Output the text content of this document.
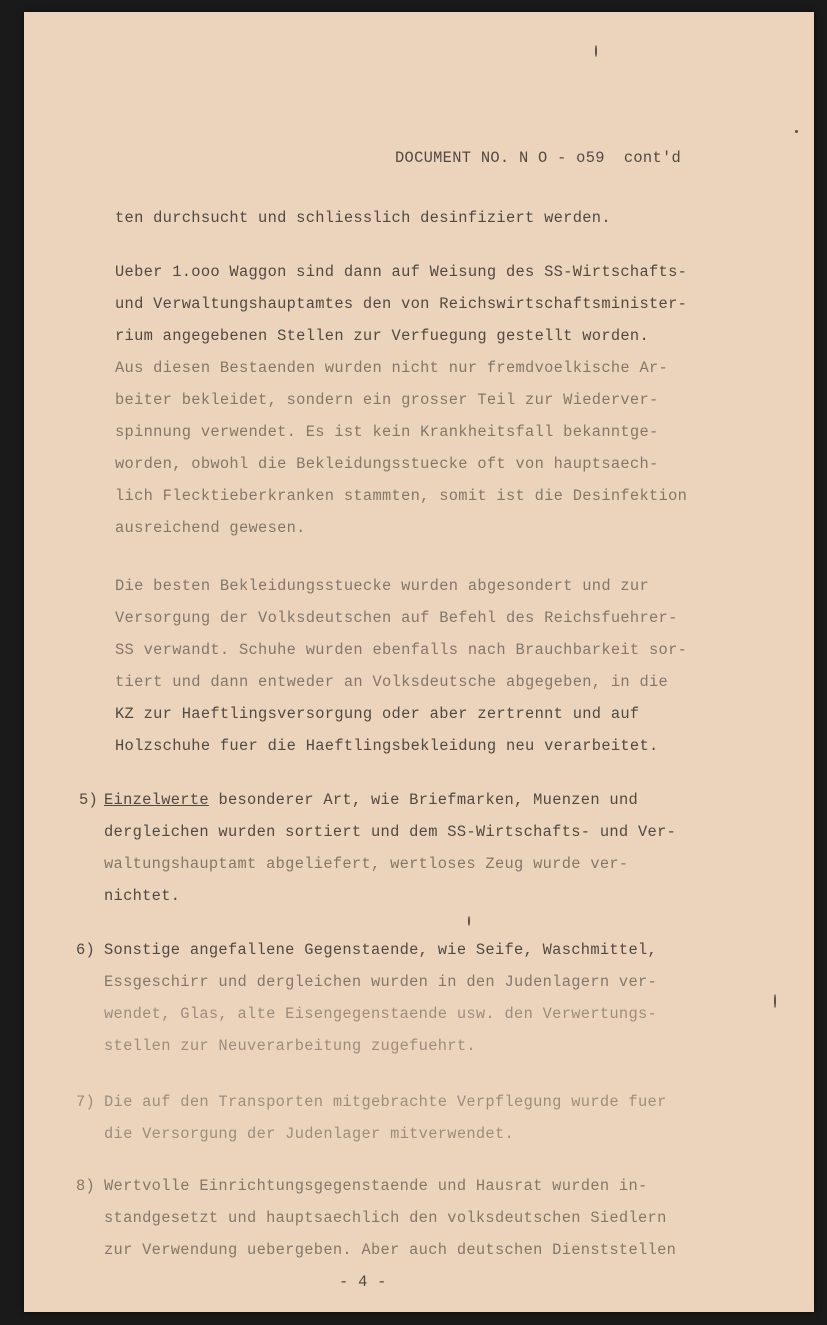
DOCUMENT NO. N O - o59  cont'd
ten durchsucht und schliesslich desinfiziert werden.
Ueber 1.ooo Waggon sind dann auf Weisung des SS-Wirtschafts-
und Verwaltungshauptamtes den von Reichswirtschaftsminister-
rium angegebenen Stellen zur Verfuegung gestellt worden.
Aus diesen Bestaenden wurden nicht nur fremdvoelkische Ar-
beiter bekleidet, sondern ein grosser Teil zur Wiederver-
spinnung verwendet. Es ist kein Krankheitsfall bekanntge-
worden, obwohl die Bekleidungsstuecke oft von hauptsaech-
lich Flecktieberkranken stammten, somit ist die Desinfektion
ausreichend gewesen.
Die besten Bekleidungsstuecke wurden abgesondert und zur
Versorgung der Volksdeutschen auf Befehl des Reichsfuehrer-
SS verwandt. Schuhe wurden ebenfalls nach Brauchbarkeit sor-
tiert und dann entweder an Volksdeutsche abgegeben, in die
KZ zur Haeftlingsversorgung oder aber zertrennt und auf
Holzschuhe fuer die Haeftlingsbekleidung neu verarbeitet.
5) Einzelwerte besonderer Art, wie Briefmarken, Muenzen und
dergleichen wurden sortiert und dem SS-Wirtschafts- und Ver-
waltungshauptamt abgeliefert, wertloses Zeug wurde ver-
nichtet.
6) Sonstige angefallene Gegenstaende, wie Seife, Waschmittel,
Essgeschirr und dergleichen wurden in den Judenlagern ver-
wendet, Glas, alte Eisengegenstaende usw. den Verwertungs-
stellen zur Neuverarbeitung zugefuehrt.
7) Die auf den Transporten mitgebrachte Verpflegung wurde fuer
die Versorgung der Judenlager mitverwendet.
8) Wertvolle Einrichtungsgegenstaende und Hausrat wurden in-
standgesetzt und hauptsaechlich den volksdeutschen Siedlern
zur Verwendung uebergeben. Aber auch deutschen Dienststellen
- 4 -
